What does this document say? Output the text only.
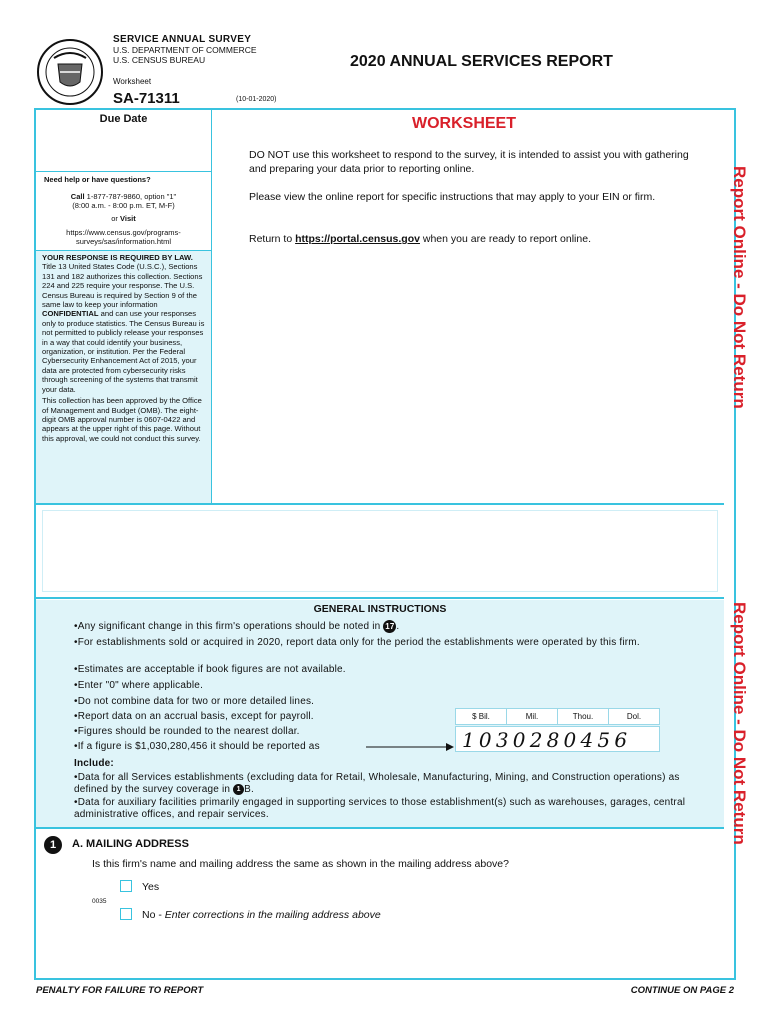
SERVICE ANNUAL SURVEY
U.S. DEPARTMENT OF COMMERCE
U.S. CENSUS BUREAU
Worksheet
SA-71311	(10-01-2020)
2020 ANNUAL SERVICES REPORT
Due Date
Need help or have questions?
Call 1-877-787-9860, option "1"
(8:00 a.m. - 8:00 p.m. ET, M-F)
or Visit
https://www.census.gov/programs-
surveys/sas/information.html

YOUR RESPONSE IS REQUIRED BY LAW. Title 13 United States Code (U.S.C.), Sections 131 and 182 authorizes this collection. Sections 224 and 225 require your response. The U.S. Census Bureau is required by Section 9 of the same law to keep your information CONFIDENTIAL and can use your responses only to produce statistics. The Census Bureau is not permitted to publicly release your responses in a way that could identify your business, organization, or institution. Per the Federal Cybersecurity Enhancement Act of 2015, your data are protected from cybersecurity risks through screening of the systems that transmit your data.

This collection has been approved by the Office of Management and Budget (OMB). The eight-digit OMB approval number is 0607-0422 and appears at the upper right of this page. Without this approval, we could not conduct this survey.

WORKSHEET
DO NOT use this worksheet to respond to the survey, it is intended to assist you with gathering and preparing your data prior to reporting online.
Please view the online report for specific instructions that may apply to your EIN or firm.
Return to https://portal.census.gov when you are ready to report online.	Report Online - Do Not Return
Report Online - Do Not Return
GENERAL INSTRUCTIONS
•Any significant change in this firm's operations should be noted in 17 .
•For establishments sold or acquired in 2020, report data only for the period the establishments were operated by this firm.
•Estimates are acceptable if book figures are not available.
•Enter "0" where applicable.
•Do not combine data for two or more detailed lines.
•Report data on an accrual basis, except for payroll.
•Figures should be rounded to the nearest dollar.
•If a figure is $1,030,280,456 it should be reported as
$ Bil.	Mil.	Thou.	Dol.
1030280456
Include:
•Data for all Services establishments (excluding data for Retail, Wholesale, Manufacturing, Mining, and Construction operations) as defined by the survey coverage in 1 B.
•Data for auxiliary facilities primarily engaged in supporting services to those establishment(s) such as warehouses, garages, central administrative offices, and repair services.
1	A. MAILING ADDRESS
Is this firm's name and mailing address the same as shown in the mailing address above?
Yes
0035
No - Enter corrections in the mailing address above
PENALTY FOR FAILURE TO REPORT	CONTINUE ON PAGE 2
